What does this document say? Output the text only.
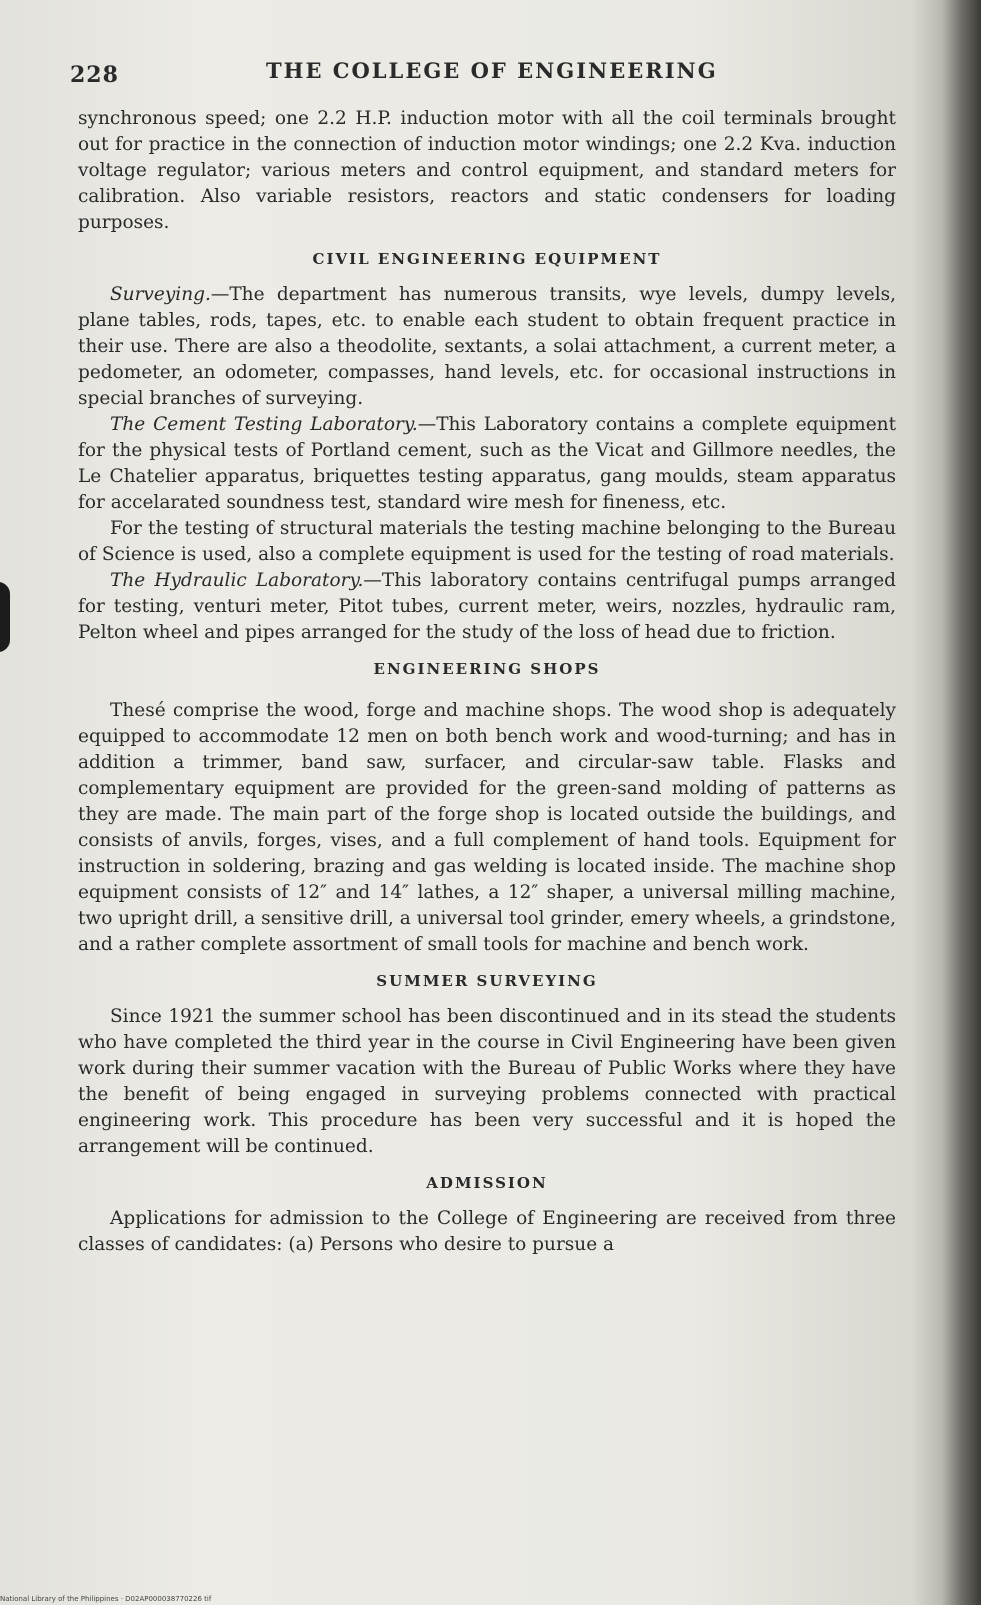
228	THE COLLEGE OF ENGINEERING

synchronous speed; one 2.2 H.P. induction motor with all the coil terminals brought out for practice in the connection of induction motor windings; one 2.2 Kva. induction voltage regulator; various meters and control equipment, and standard meters for calibration. Also variable resistors, reactors and static condensers for loading purposes.

CIVIL ENGINEERING EQUIPMENT

Surveying.—The department has numerous transits, wye levels, dumpy levels, plane tables, rods, tapes, etc. to enable each student to obtain frequent practice in their use. There are also a theodolite, sextants, a solai attachment, a current meter, a pedometer, an odometer, compasses, hand levels, etc. for occasional instructions in special branches of surveying.

The Cement Testing Laboratory.—This Laboratory contains a complete equipment for the physical tests of Portland cement, such as the Vicat and Gillmore needles, the Le Chatelier apparatus, briquettes testing apparatus, gang moulds, steam apparatus for accelarated soundness test, standard wire mesh for fineness, etc.

For the testing of structural materials the testing machine belonging to the Bureau of Science is used, also a complete equipment is used for the testing of road materials.

The Hydraulic Laboratory.—This laboratory contains centrifugal pumps arranged for testing, venturi meter, Pitot tubes, current meter, weirs, nozzles, hydraulic ram, Pelton wheel and pipes arranged for the study of the loss of head due to friction.

ENGINEERING SHOPS

Thesé comprise the wood, forge and machine shops. The wood shop is adequately equipped to accommodate 12 men on both bench work and wood-turning; and has in addition a trimmer, band saw, surfacer, and circular-saw table. Flasks and complementary equipment are provided for the green-sand molding of patterns as they are made. The main part of the forge shop is located outside the buildings, and consists of anvils, forges, vises, and a full complement of hand tools. Equipment for instruction in soldering, brazing and gas welding is located inside. The machine shop equipment consists of 12″ and 14″ lathes, a 12″ shaper, a universal milling machine, two upright drill, a sensitive drill, a universal tool grinder, emery wheels, a grindstone, and a rather complete assortment of small tools for machine and bench work.

SUMMER SURVEYING

Since 1921 the summer school has been discontinued and in its stead the students who have completed the third year in the course in Civil Engineering have been given work during their summer vacation with the Bureau of Public Works where they have the benefit of being engaged in surveying problems connected with practical engineering work. This procedure has been very successful and it is hoped the arrangement will be continued.

ADMISSION

Applications for admission to the College of Engineering are received from three classes of candidates: (a) Persons who desire to pursue a

National Library of the Philippines · D02AP000038770226 tif
